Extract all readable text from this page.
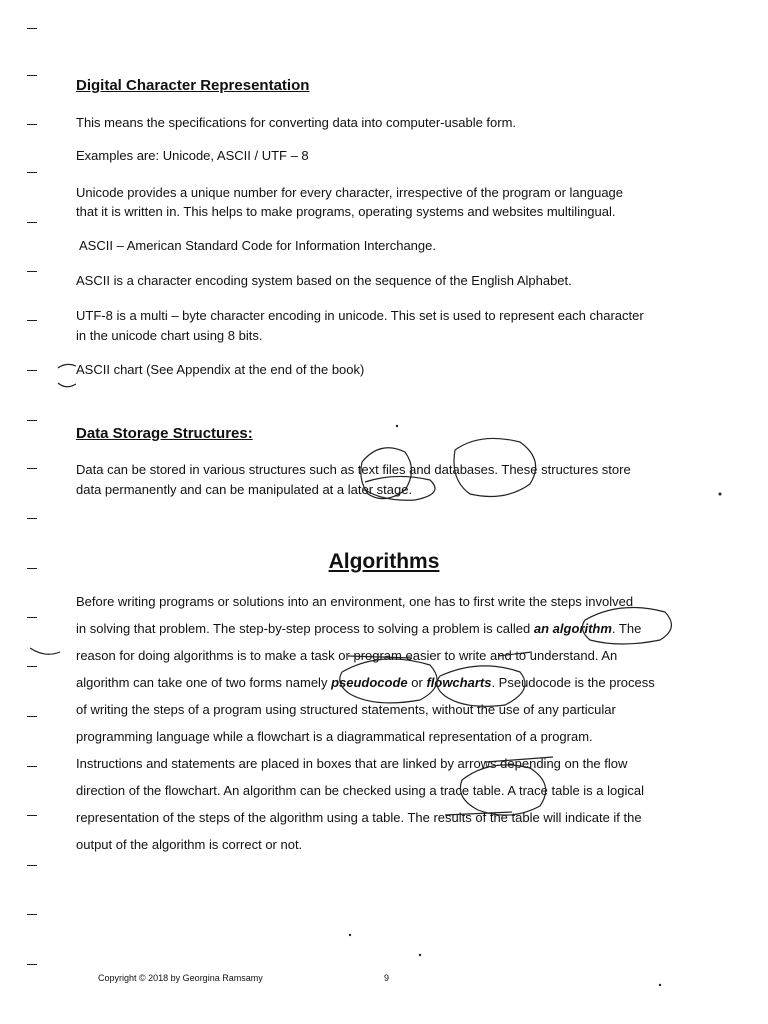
Digital Character Representation
This means the specifications for converting data into computer-usable form.
Examples are: Unicode, ASCII / UTF – 8
Unicode provides a unique number for every character, irrespective of the program or language
that it is written in. This helps to make programs, operating systems and websites multilingual.
ASCII – American Standard Code for Information Interchange.
ASCII is a character encoding system based on the sequence of the English Alphabet.
UTF-8 is a multi – byte character encoding in unicode. This set is used to represent each character
in the unicode chart using 8 bits.
ASCII chart (See Appendix at the end of the book)
Data Storage Structures:
Data can be stored in various structures such as text files and databases. These structures store
data permanently and can be manipulated at a later stage.
Algorithms
Before writing programs or solutions into an environment, one has to first write the steps involved
in solving that problem. The step-by-step process to solving a problem is called an algorithm. The
reason for doing algorithms is to make a task or program easier to write and to understand. An
algorithm can take one of two forms namely pseudocode or flowcharts. Pseudocode is the process
of writing the steps of a program using structured statements, without the use of any particular
programming language while a flowchart is a diagrammatical representation of a program.
Instructions and statements are placed in boxes that are linked by arrows depending on the flow
direction of the flowchart. An algorithm can be checked using a trace table. A trace table is a logical
representation of the steps of the algorithm using a table. The results of the table will indicate if the
output of the algorithm is correct or not.
Copyright © 2018 by Georgina Ramsamy	9
